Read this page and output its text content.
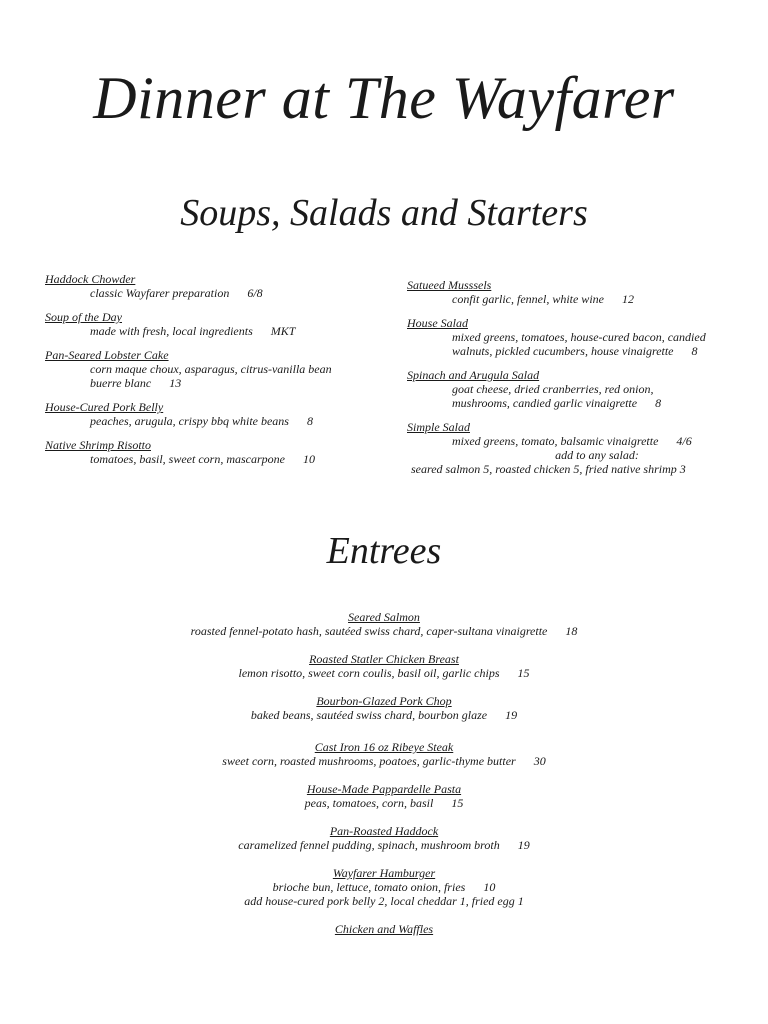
Dinner at The Wayfarer
Soups, Salads and Starters
Haddock Chowder
classic Wayfarer preparation 6/8
Soup of the Day
made with fresh, local ingredients MKT
Pan-Seared Lobster Cake
corn maque choux, asparagus, citrus-vanilla bean
buerre blanc 13
House-Cured Pork Belly
peaches, arugula, crispy bbq white beans 8
Native Shrimp Risotto
tomatoes, basil, sweet corn, mascarpone 10
Satueed Musssels
confit garlic, fennel, white wine 12
House Salad
mixed greens, tomatoes, house-cured bacon, candied
walnuts, pickled cucumbers, house vinaigrette 8
Spinach and Arugula Salad
goat cheese, dried cranberries, red onion,
mushrooms, candied garlic vinaigrette 8
Simple Salad
mixed greens, tomato, balsamic vinaigrette 4/6
add to any salad:
seared salmon 5, roasted chicken 5, fried native shrimp 3
Entrees
Seared Salmon
roasted fennel-potato hash, sautéed swiss chard, caper-sultana vinaigrette 18
Roasted Statler Chicken Breast
lemon risotto, sweet corn coulis, basil oil, garlic chips 15
Bourbon-Glazed Pork Chop
baked beans, sautéed swiss chard, bourbon glaze 19
Cast Iron 16 oz Ribeye Steak
sweet corn, roasted mushrooms, poatoes, garlic-thyme butter 30
House-Made Pappardelle Pasta
peas, tomatoes, corn, basil 15
Pan-Roasted Haddock
caramelized fennel pudding, spinach, mushroom broth 19
Wayfarer Hamburger
brioche bun, lettuce, tomato onion, fries 10
add house-cured pork belly 2, local cheddar 1, fried egg 1
Chicken and Waffles
